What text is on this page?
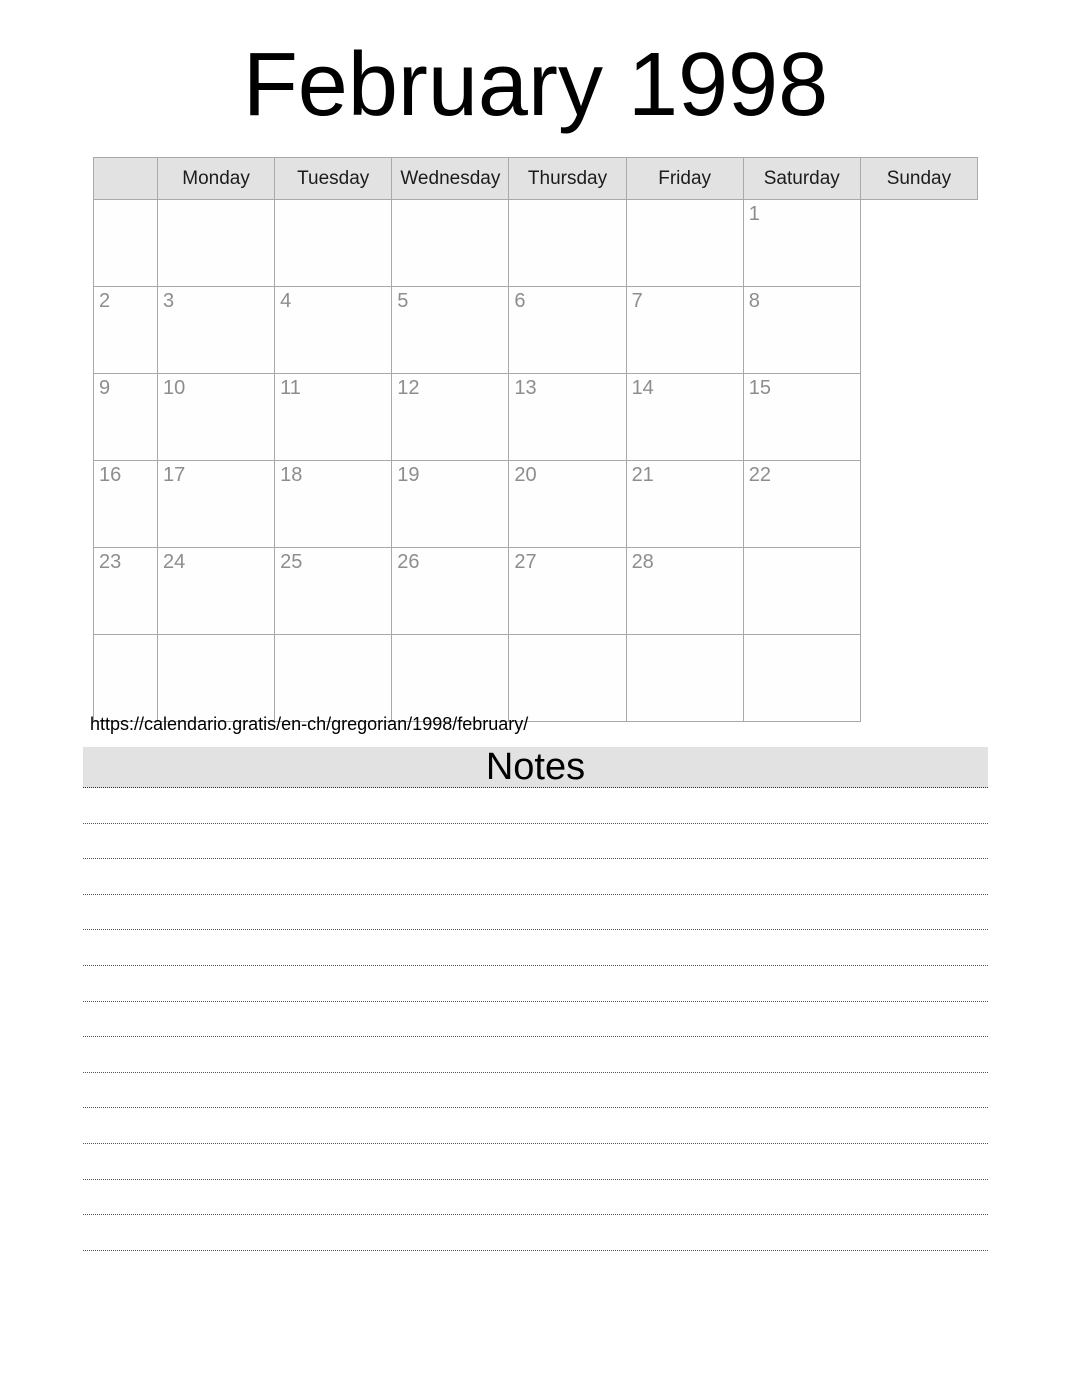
February 1998
	Monday	Tuesday	Wednesday	Thursday	Friday	Saturday	Sunday
						1	
2	3	4	5	6	7	8	
9	10	11	12	13	14	15	
16	17	18	19	20	21	22	
23	24	25	26	27	28		

https://calendario.gratis/en-ch/gregorian/1998/february/
Notes
